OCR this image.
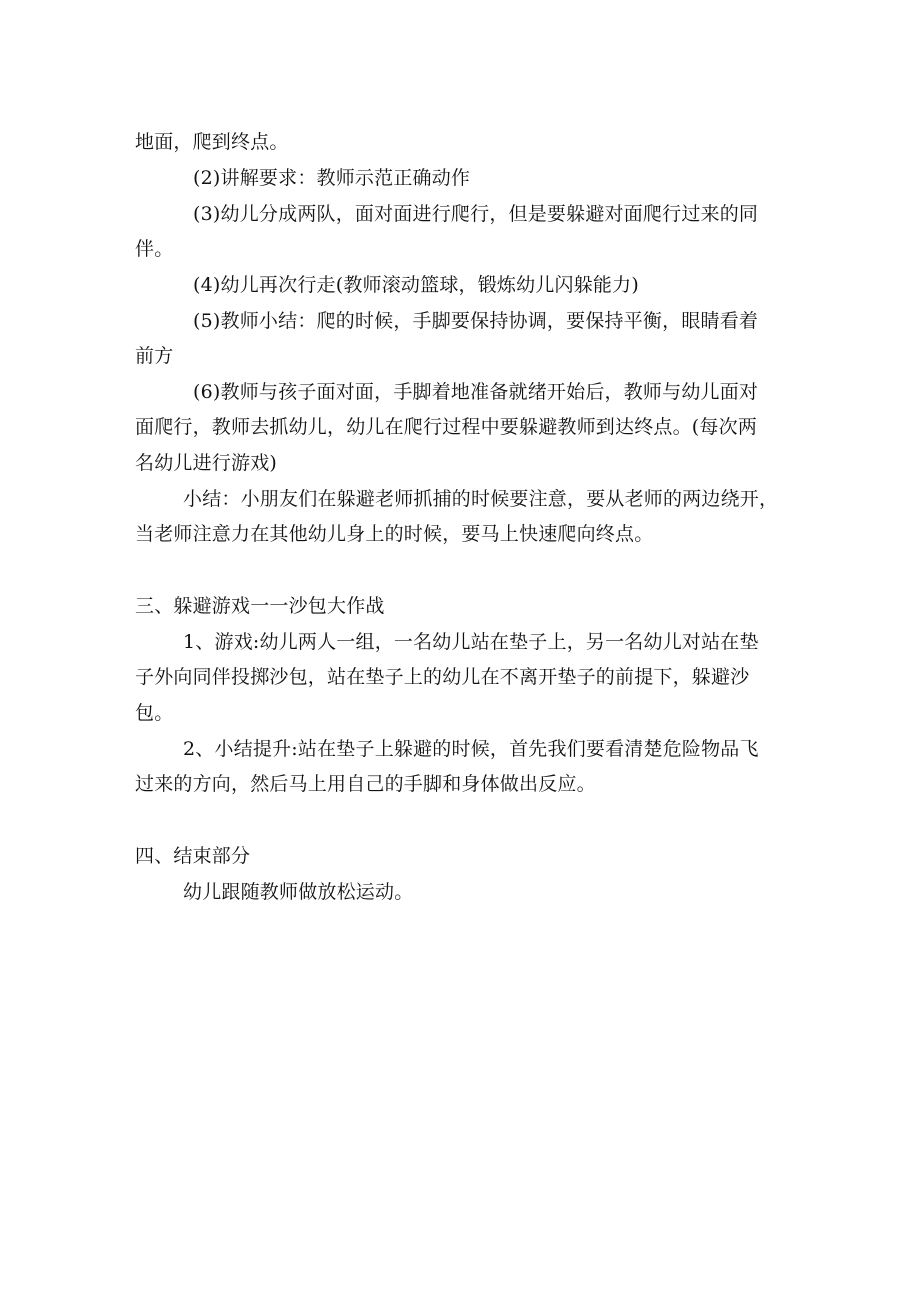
地面，爬到终点。
(2)讲解要求：教师示范正确动作
(3)幼儿分成两队，面对面进行爬行，但是要躲避对面爬行过来的同
伴。
(4)幼儿再次行走(教师滚动篮球，锻炼幼儿闪躲能力)
(5)教师小结：爬的时候，手脚要保持协调，要保持平衡，眼睛看着
前方
(6)教师与孩子面对面，手脚着地准备就绪开始后，教师与幼儿面对
面爬行，教师去抓幼儿，幼儿在爬行过程中要躲避教师到达终点。(每次两
名幼儿进行游戏)
小结：小朋友们在躲避老师抓捕的时候要注意，要从老师的两边绕开，
当老师注意力在其他幼儿身上的时候，要马上快速爬向终点。
三、躲避游戏一一沙包大作战
1、游戏:幼儿两人一组，一名幼儿站在垫子上，另一名幼儿对站在垫
子外向同伴投掷沙包，站在垫子上的幼儿在不离开垫子的前提下，躲避沙
包。
2、小结提升:站在垫子上躲避的时候，首先我们要看清楚危险物品飞
过来的方向，然后马上用自己的手脚和身体做出反应。
四、结束部分
幼儿跟随教师做放松运动。
